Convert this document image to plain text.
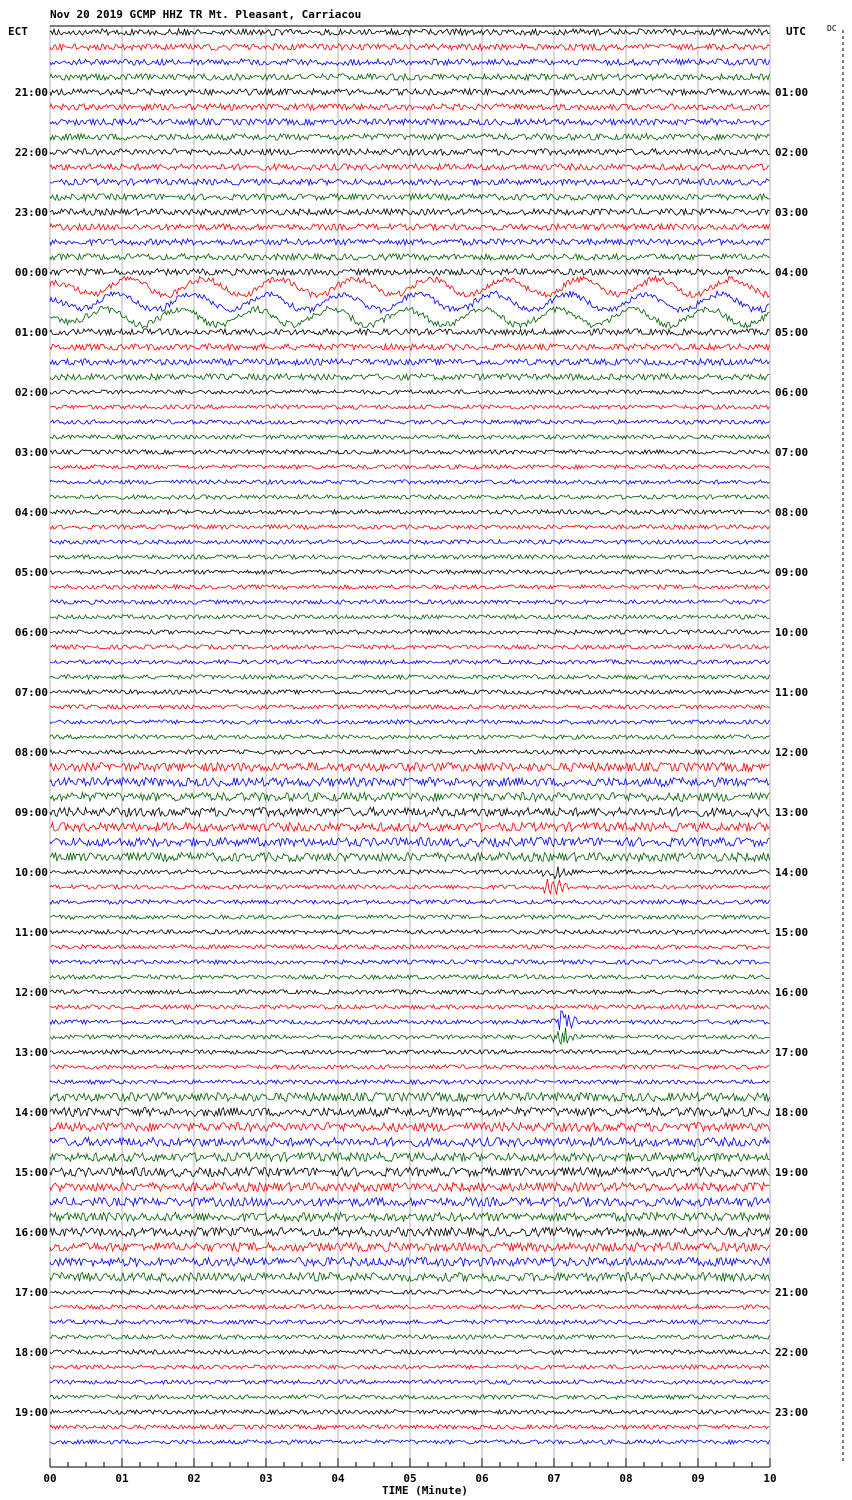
00	01	02	03	04	05	06	07	08	09	10
21:00
22:00
23:00
00:00
01:00
02:00
03:00
04:00
05:00
06:00
07:00
08:00
09:00
10:00
11:00
12:00
13:00
14:00
15:00
16:00
17:00
18:00
19:00
01:00
02:00
03:00
04:00
05:00
06:00
07:00
08:00
09:00
10:00
11:00
12:00
13:00
14:00
15:00
16:00
17:00
18:00
19:00
20:00
21:00
22:00
23:00
TIME (Minute)
Nov 20 2019 GCMP HHZ TR Mt. Pleasant, Carriacou
ECT	UTC	DC
